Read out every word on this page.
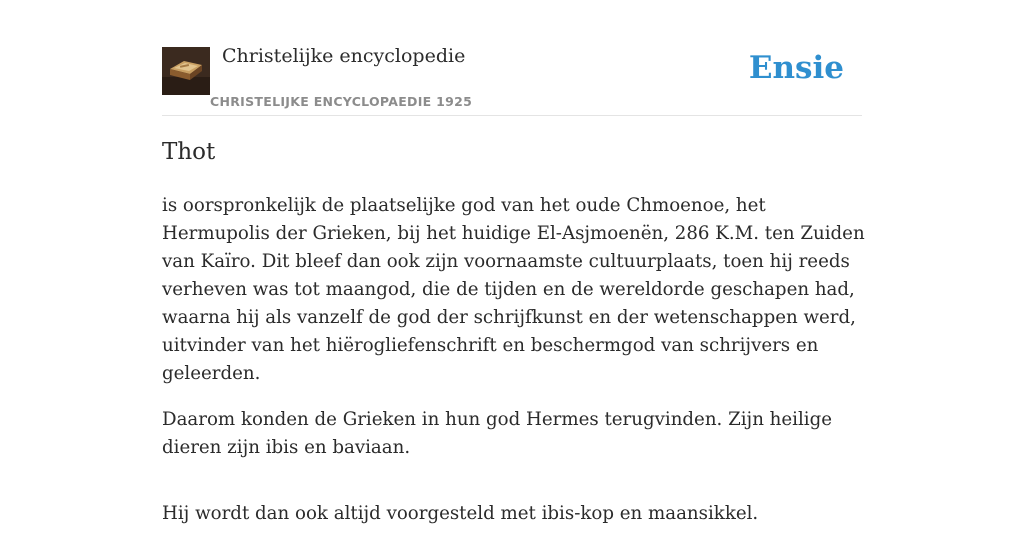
Christelijke encyclopedie
CHRISTELIJKE ENCYCLOPAEDIE 1925
Ensie
Thot

is oorspronkelijk de plaatselijke god van het oude Chmoenoe, het Hermupolis der Grieken, bij het huidige El-Asjmoenën, 286 K.M. ten Zuiden van Kaïro. Dit bleef dan ook zijn voornaamste cultuurplaats, toen hij reeds verheven was tot maangod, die de tijden en de wereldorde geschapen had, waarna hij als vanzelf de god der schrijfkunst en der wetenschappen werd, uitvinder van het hiërogliefenschrift en beschermgod van schrijvers en geleerden.

Daarom konden de Grieken in hun god Hermes terugvinden. Zijn heilige dieren zijn ibis en baviaan.

Hij wordt dan ook altijd voorgesteld met ibis-kop en maansikkel.
